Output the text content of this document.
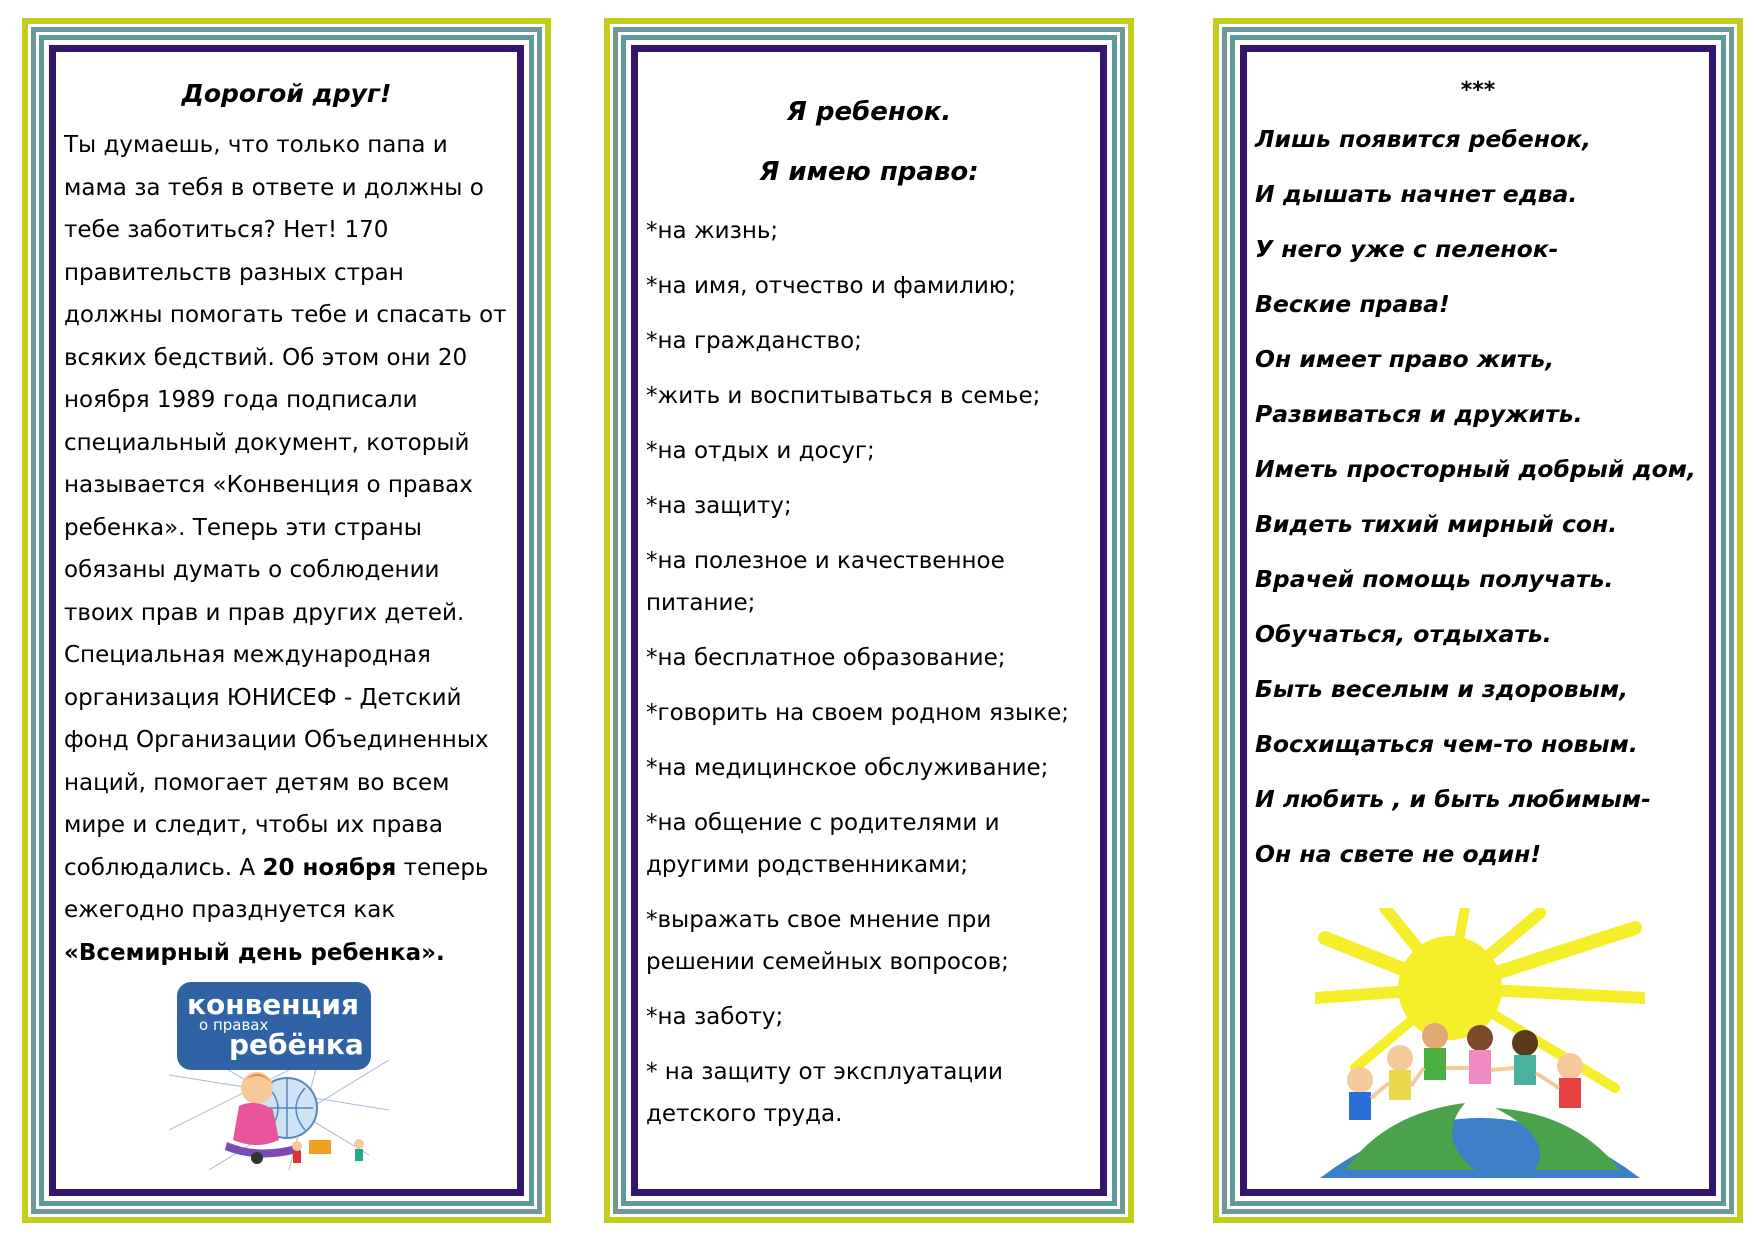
Дорогой друг!

Ты думаешь, что только папа и мама за тебя в ответе и должны о тебе заботиться? Нет! 170 правительств разных стран должны помогать тебе и спасать от всяких бедствий. Об этом они 20 ноября 1989 года подписали специальный документ, который называется «Конвенция о правах ребенка». Теперь эти страны обязаны думать о соблюдении твоих прав и прав других детей. Специальная международная организация ЮНИСЕФ - Детский фонд Организации Объединенных наций, помогает детям во всем мире и следит, чтобы их права соблюдались. А 20 ноября теперь ежегодно празднуется как «Всемирный день ребенка».

конвенция
о правах
ребёнка
Я ребенок.
Я имею право:

*на жизнь;

*на имя, отчество и фамилию;

*на гражданство;

*жить и воспитываться в семье;

*на отдых и досуг;

*на защиту;

*на полезное и качественное питание;

*на бесплатное образование;

*говорить на своем родном языке;

*на медицинское обслуживание;

*на общение с родителями и другими родственниками;

*выражать свое мнение при решении семейных вопросов;

*на заботу;

* на защиту от эксплуатации детского труда.

***

Лишь появится ребенок,

И дышать начнет едва.

У него уже с пеленок-

Веские права!

Он имеет право жить,

Развиваться и дружить.

Иметь просторный добрый дом,

Видеть тихий мирный сон.

Врачей помощь получать.

Обучаться, отдыхать.

Быть веселым и здоровым,

Восхищаться чем-то новым.

И любить , и быть любимым-

Он на свете не один!
